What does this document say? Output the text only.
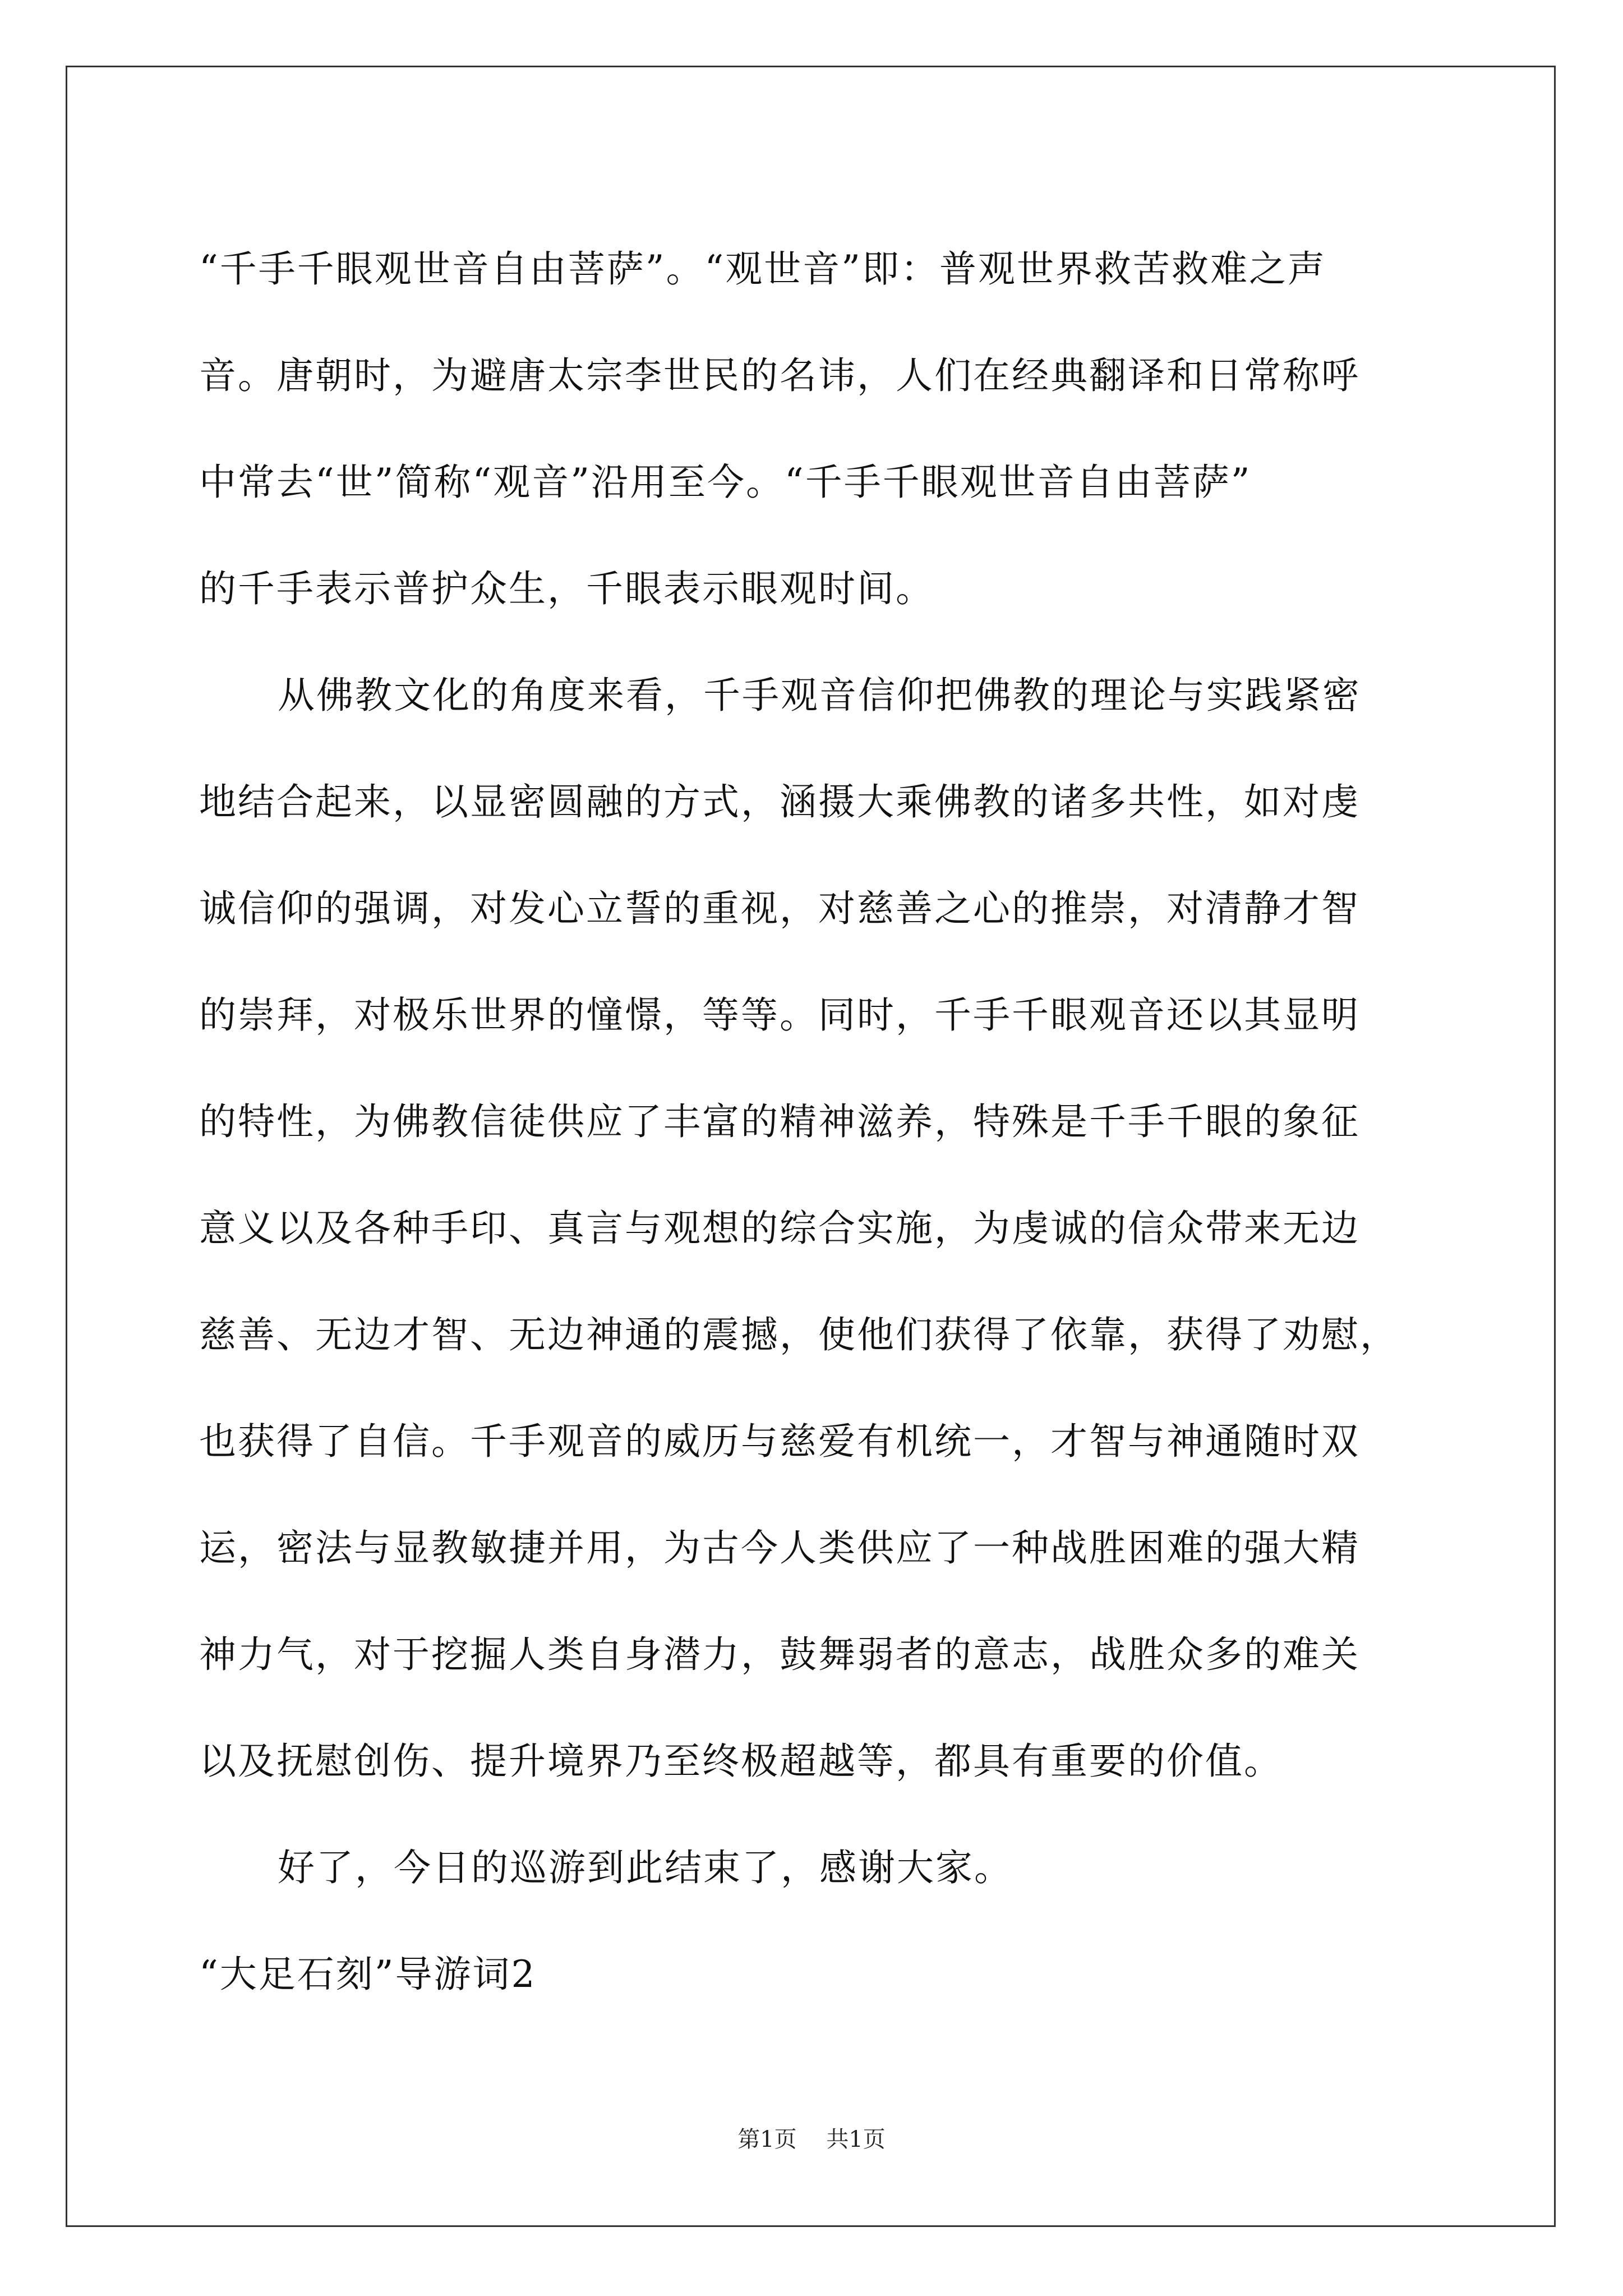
“千手千眼观世音自由菩萨”。“观世音”即：普观世界救苦救难之声
音。唐朝时，为避唐太宗李世民的名讳，人们在经典翻译和日常称呼
中常去“世”简称“观音”沿用至今。“千手千眼观世音自由菩萨”
的千手表示普护众生，千眼表示眼观时间。

从佛教文化的角度来看，千手观音信仰把佛教的理论与实践紧密
地结合起来，以显密圆融的方式，涵摄大乘佛教的诸多共性，如对虔
诚信仰的强调，对发心立誓的重视，对慈善之心的推崇，对清静才智
的崇拜，对极乐世界的憧憬，等等。同时，千手千眼观音还以其显明
的特性，为佛教信徒供应了丰富的精神滋养，特殊是千手千眼的象征
意义以及各种手印、真言与观想的综合实施，为虔诚的信众带来无边
慈善、无边才智、无边神通的震撼，使他们获得了依靠，获得了劝慰，
也获得了自信。千手观音的威历与慈爱有机统一，才智与神通随时双
运，密法与显教敏捷并用，为古今人类供应了一种战胜困难的强大精
神力气，对于挖掘人类自身潜力，鼓舞弱者的意志，战胜众多的难关
以及抚慰创伤、提升境界乃至终极超越等，都具有重要的价值。

好了，今日的巡游到此结束了，感谢大家。

“大足石刻”导游词2
第1页 共1页
